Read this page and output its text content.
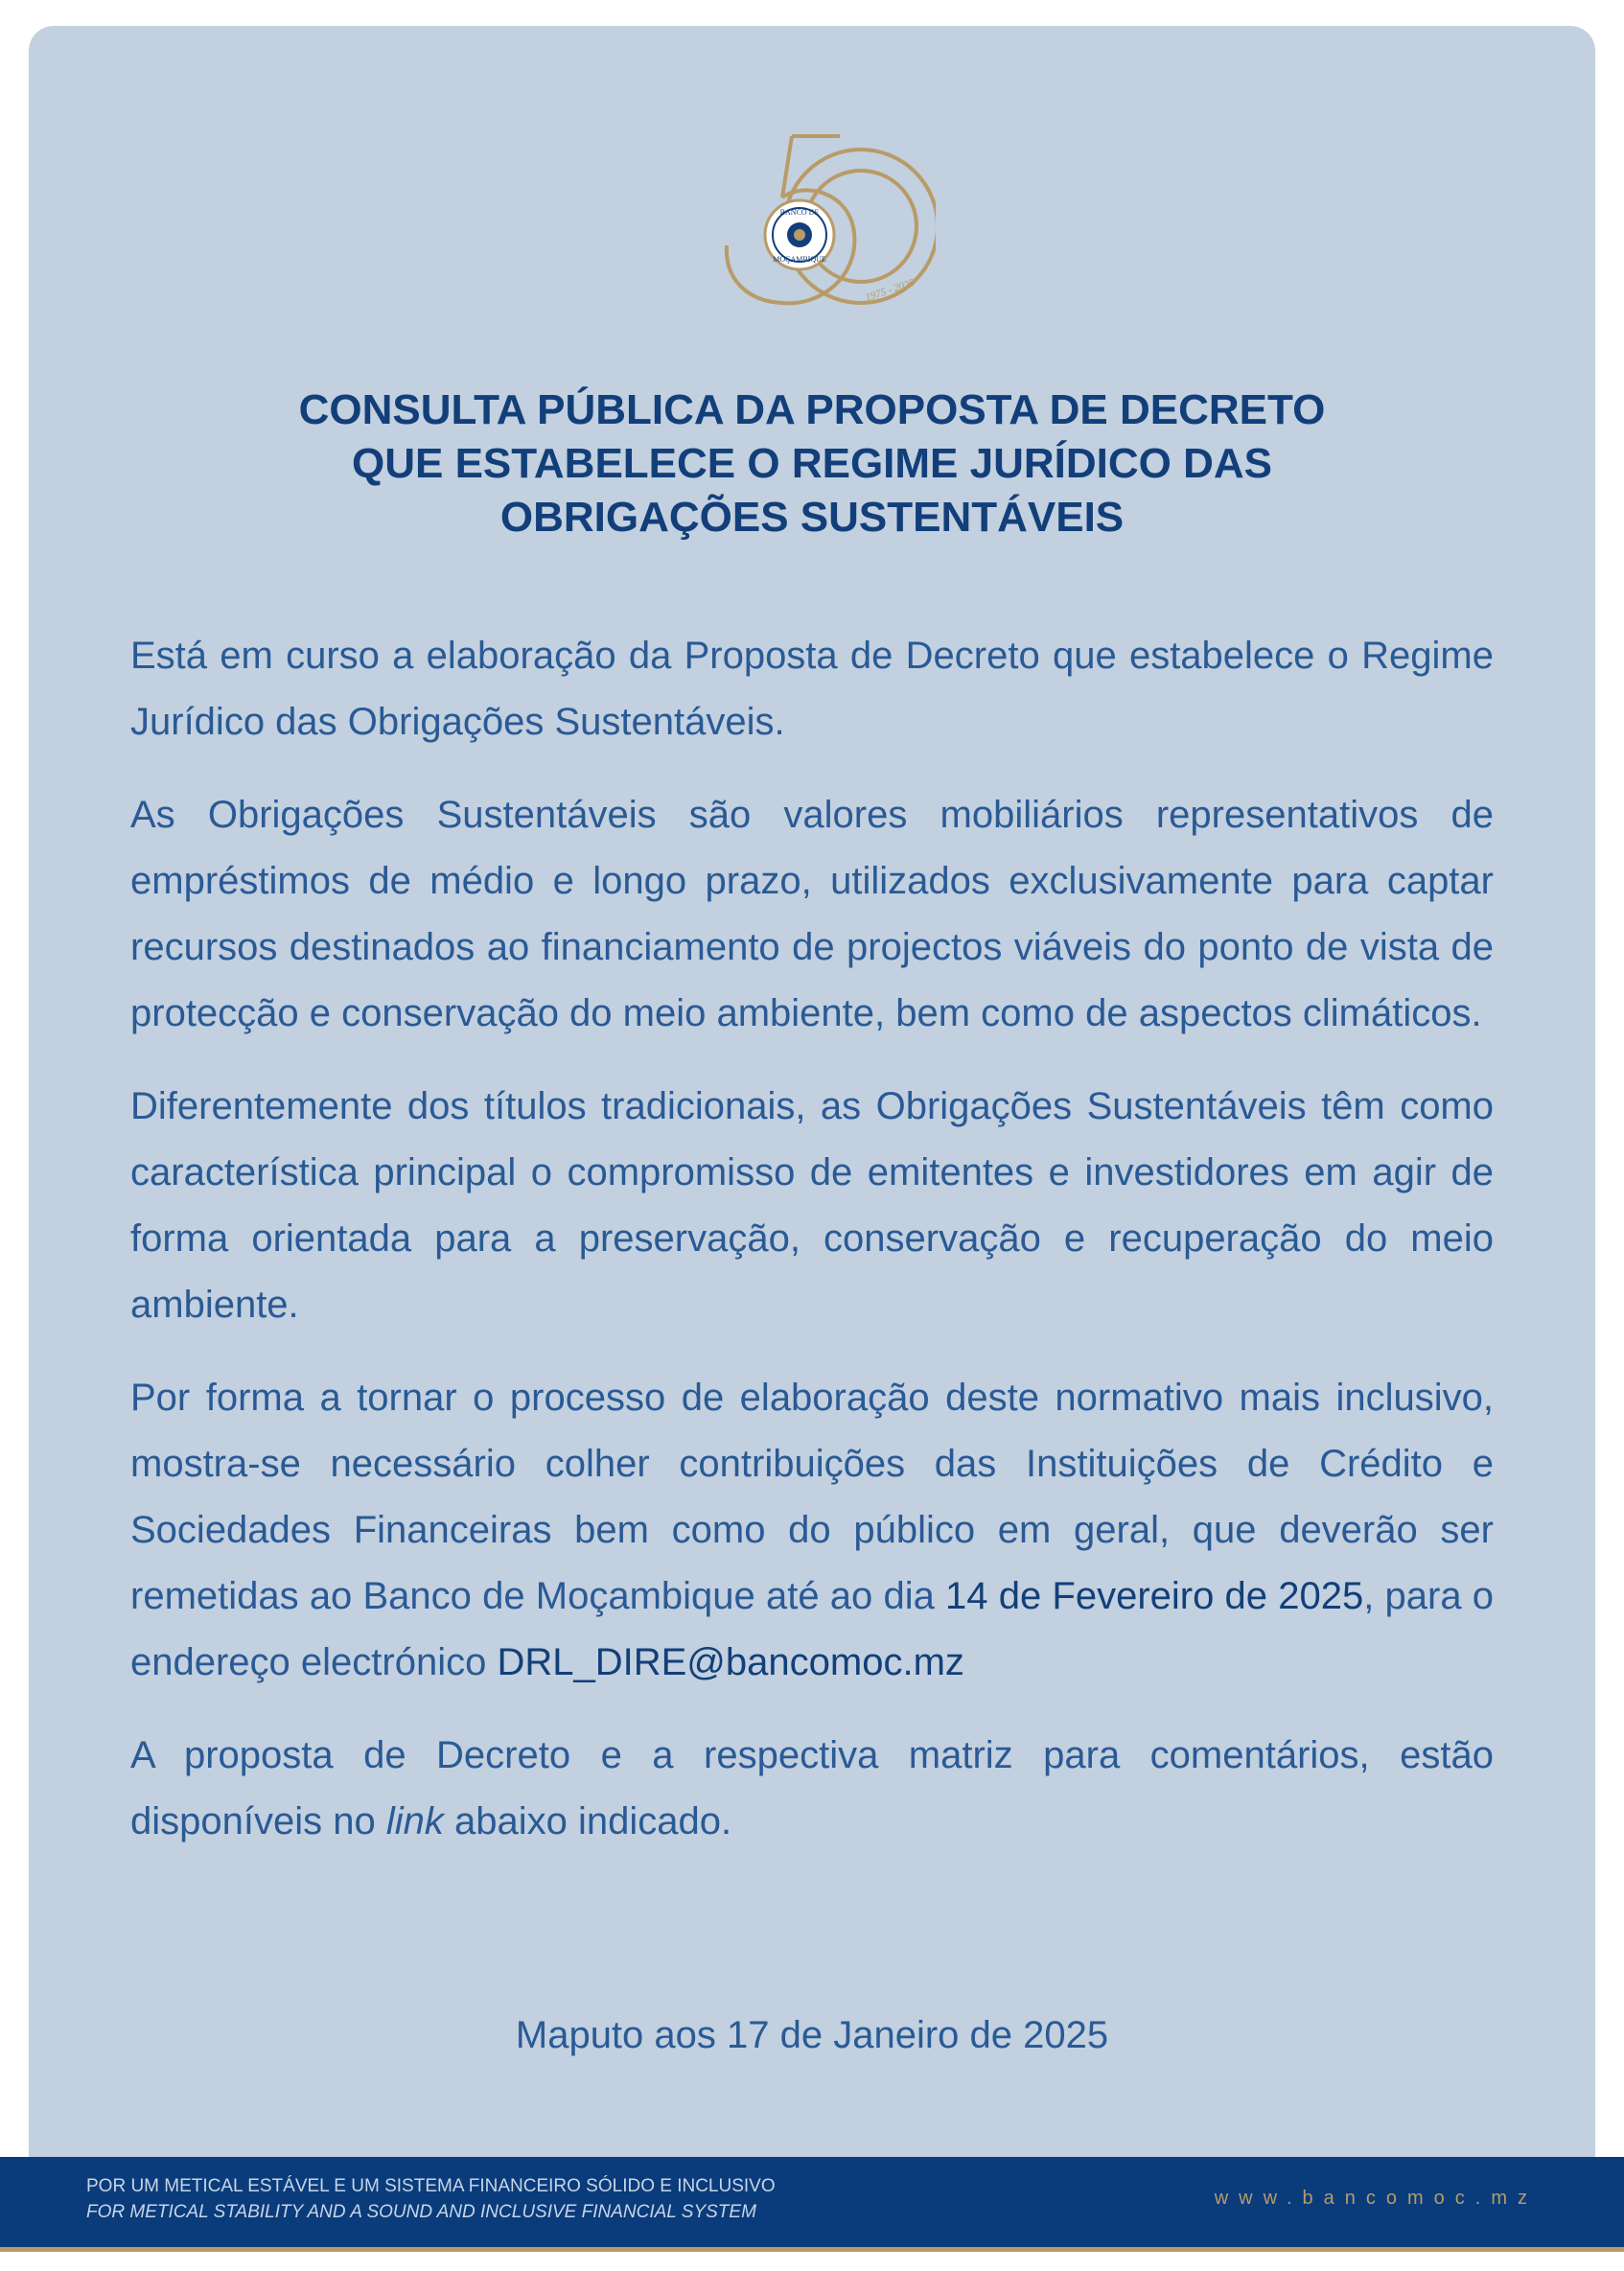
BANCO DE
MOÇAMBIQUE
1975 - 2025
CONSULTA PÚBLICA DA PROPOSTA DE DECRETO
QUE ESTABELECE O REGIME JURÍDICO DAS
OBRIGAÇÕES SUSTENTÁVEIS

Está em curso a elaboração da Proposta de Decreto que estabelece o Regime Jurídico das Obrigações Sustentáveis.

As Obrigações Sustentáveis são valores mobiliários representativos de empréstimos de médio e longo prazo, utilizados exclusivamente para captar recursos destinados ao financiamento de projectos viáveis do ponto de vista de protecção e conservação do meio ambiente, bem como de aspectos climáticos.

Diferentemente dos títulos tradicionais, as Obrigações Sustentáveis têm como característica principal o compromisso de emitentes e investidores em agir de forma orientada para a preservação, conservação e recuperação do meio ambiente.

Por forma a tornar o processo de elaboração deste normativo mais inclusivo, mostra-se necessário colher contribuições das Instituições de Crédito e Sociedades Financeiras bem como do público em geral, que deverão ser remetidas ao Banco de Moçambique até ao dia 14 de Fevereiro de 2025, para o endereço electrónico DRL_DIRE@bancomoc.mz

A proposta de Decreto e a respectiva matriz para comentários, estão disponíveis no link abaixo indicado.

Maputo aos 17 de Janeiro de 2025
POR UM METICAL ESTÁVEL E UM SISTEMA FINANCEIRO SÓLIDO E INCLUSIVO
FOR METICAL STABILITY AND A SOUND AND INCLUSIVE FINANCIAL SYSTEM
www.bancomoc.mz
